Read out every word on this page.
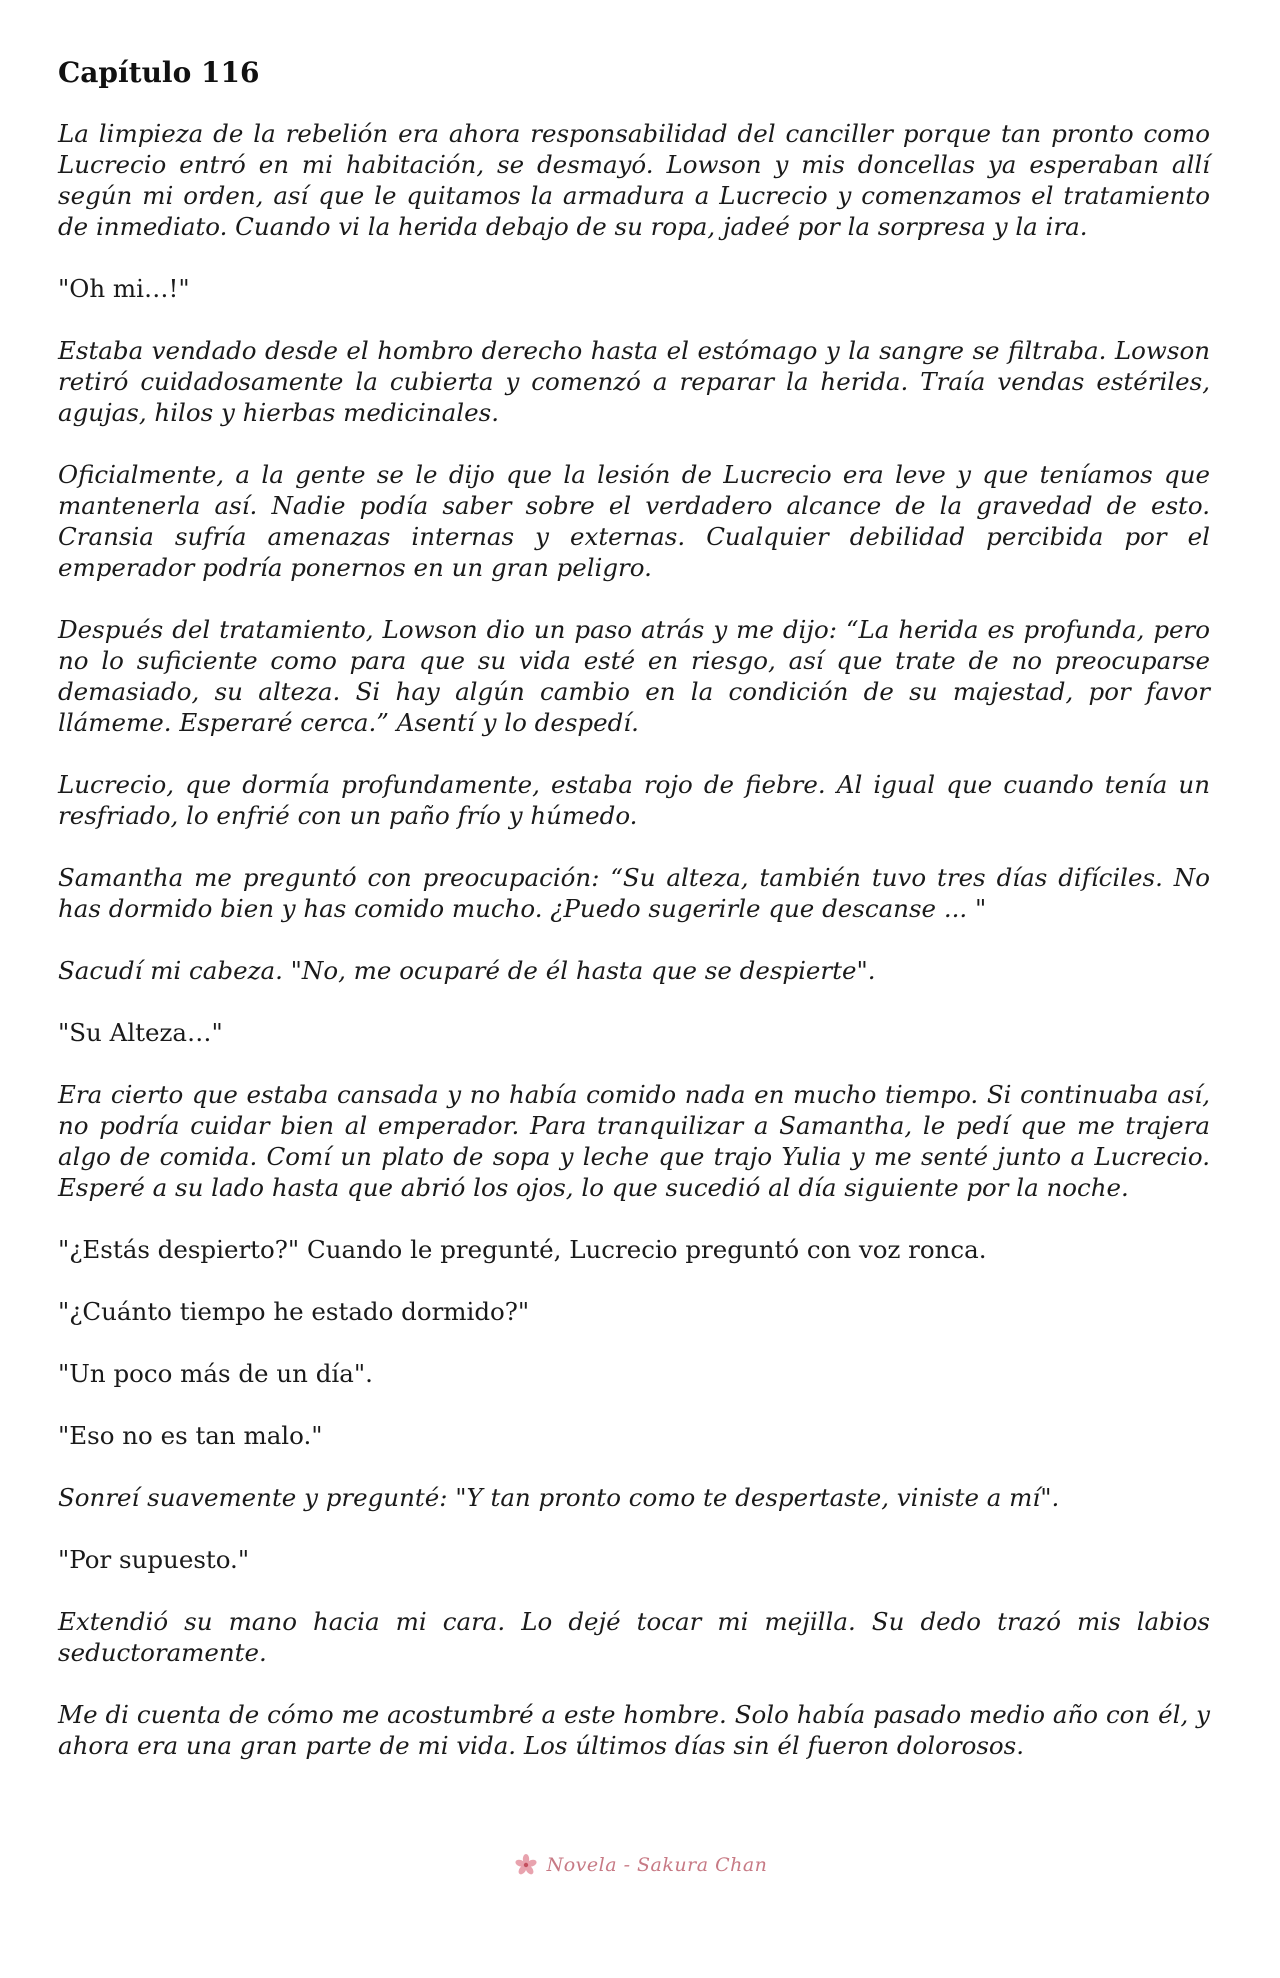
Capítulo 116

La limpieza de la rebelión era ahora responsabilidad del canciller porque tan pronto como Lucrecio entró en mi habitación, se desmayó. Lowson y mis doncellas ya esperaban allí según mi orden, así que le quitamos la armadura a Lucrecio y comenzamos el tratamiento de inmediato. Cuando vi la herida debajo de su ropa, jadeé por la sorpresa y la ira.

"Oh mi…!"

Estaba vendado desde el hombro derecho hasta el estómago y la sangre se filtraba. Lowson retiró cuidadosamente la cubierta y comenzó a reparar la herida. Traía vendas estériles, agujas, hilos y hierbas medicinales.

Oficialmente, a la gente se le dijo que la lesión de Lucrecio era leve y que teníamos que mantenerla así. Nadie podía saber sobre el verdadero alcance de la gravedad de esto. Cransia sufría amenazas internas y externas. Cualquier debilidad percibida por el emperador podría ponernos en un gran peligro.

Después del tratamiento, Lowson dio un paso atrás y me dijo: “La herida es profunda, pero no lo suficiente como para que su vida esté en riesgo, así que trate de no preocuparse demasiado, su alteza. Si hay algún cambio en la condición de su majestad, por favor llámeme. Esperaré cerca.” Asentí y lo despedí.

Lucrecio, que dormía profundamente, estaba rojo de fiebre. Al igual que cuando tenía un resfriado, lo enfrié con un paño frío y húmedo.

Samantha me preguntó con preocupación: “Su alteza, también tuvo tres días difíciles. No has dormido bien y has comido mucho. ¿Puedo sugerirle que descanse ... "

Sacudí mi cabeza. "No, me ocuparé de él hasta que se despierte".

"Su Alteza…"

Era cierto que estaba cansada y no había comido nada en mucho tiempo. Si continuaba así, no podría cuidar bien al emperador. Para tranquilizar a Samantha, le pedí que me trajera algo de comida. Comí un plato de sopa y leche que trajo Yulia y me senté junto a Lucrecio. Esperé a su lado hasta que abrió los ojos, lo que sucedió al día siguiente por la noche.

"¿Estás despierto?" Cuando le pregunté, Lucrecio preguntó con voz ronca.

"¿Cuánto tiempo he estado dormido?"

"Un poco más de un día".

"Eso no es tan malo."

Sonreí suavemente y pregunté: "Y tan pronto como te despertaste, viniste a mí".

"Por supuesto."

Extendió su mano hacia mi cara. Lo dejé tocar mi mejilla. Su dedo trazó mis labios seductoramente.

Me di cuenta de cómo me acostumbré a este hombre. Solo había pasado medio año con él, y ahora era una gran parte de mi vida. Los últimos días sin él fueron dolorosos.

Novela - Sakura Chan
